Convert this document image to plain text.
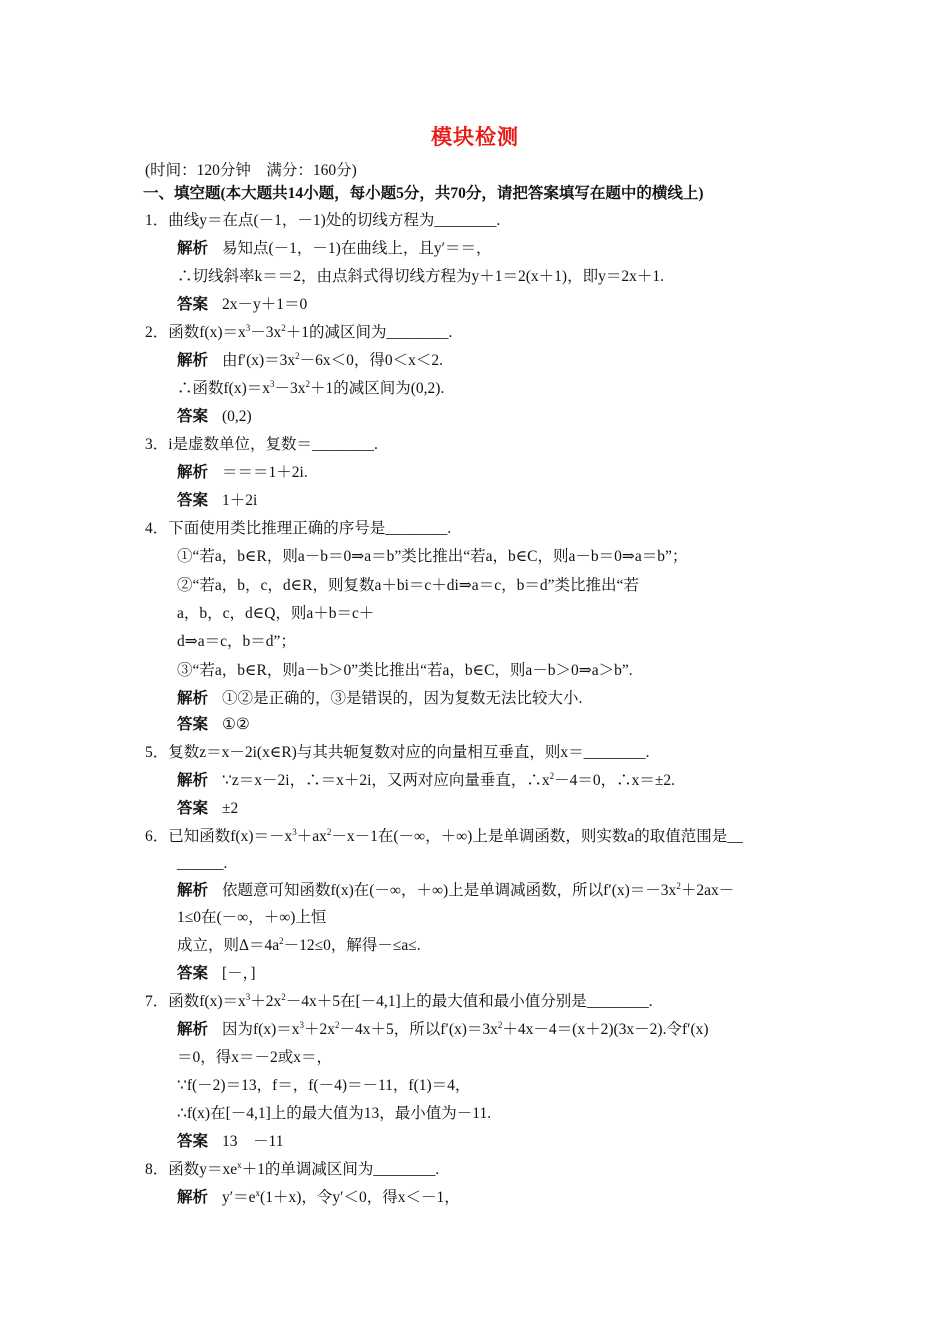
模块检测
(时间：120分钟　满分：160分)
一、填空题(本大题共14小题，每小题5分，共70分，请把答案填写在题中的横线上)
1．曲线y＝在点(－1，－1)处的切线方程为________.
解析 易知点(－1，－1)在曲线上，且y′＝＝，
∴切线斜率k＝＝2，由点斜式得切线方程为y＋1＝2(x＋1)，即y＝2x＋1.
答案 2x－y＋1＝0
2．函数$f(x)=x^3-3x^2+1$的减区间为________.
解析 由$f'(x)=3x^2-6x<0$，得0＜x＜2.
∴函数$f(x)=x^3-3x^2+1$的减区间为(0,2).
答案 (0,2)
3．i是虚数单位，复数＝________.
解析 ＝＝＝1＋2i.
答案 1＋2i
4．下面使用类比推理正确的序号是________.
①“若a，b∈R，则a－b＝0⇒a＝b”类比推出“若a，b∈C，则a－b＝0⇒a＝b”；
②“若a，b，c，d∈R，则复数a＋bi＝c＋di⇒a＝c，b＝d”类比推出“若
a，b，c，d∈Q，则a＋b＝c＋
d⇒a＝c，b＝d”；
③“若a，b∈R，则a－b＞0”类比推出“若a，b∈C，则a－b＞0⇒a＞b”.
解析 ①②是正确的，③是错误的，因为复数无法比较大小.
答案 ①②
5．复数z＝x－2i(x∈R)与其共轭复数对应的向量相互垂直，则x＝________.
解析 ∵z＝x－2i，∴＝x＋2i，又两对应向量垂直，$\therefore x^2-4=0$，∴x＝±2.
答案 ±2
6．已知函数$f(x)=-x^3+ax^2-x-1$在(－∞，＋∞)上是单调函数，则实数a的取值范围是__
______.
解析 依题意可知函数f(x)在(－∞，＋∞)上是单调减函数，所以$f'(x)=-3x^2+2ax-$
1≤0在(－∞，＋∞)上恒
成立，则$\Delta=4a^2-12\le 0$，解得－≤a≤.
答案 [－，]
7．函数$f(x)=x^3+2x^2-4x+5$在[－4,1]上的最大值和最小值分别是________.
解析 因为$f(x)=x^3+2x^2-4x+5$，所以$f'(x)=3x^2+4x-4=(x+2)(3x-2)$.令f′(x)
＝0，得x＝－2或x＝，
∵f(－2)＝13，f＝，f(－4)＝－11，f(1)＝4，
∴f(x)在[－4,1]上的最大值为13，最小值为－11.
答案 13　－11
8．函数$y=xe^x+1$的单调减区间为________.
解析 $y'=e^x(1+x)$，令y′＜0，得x＜－1，
